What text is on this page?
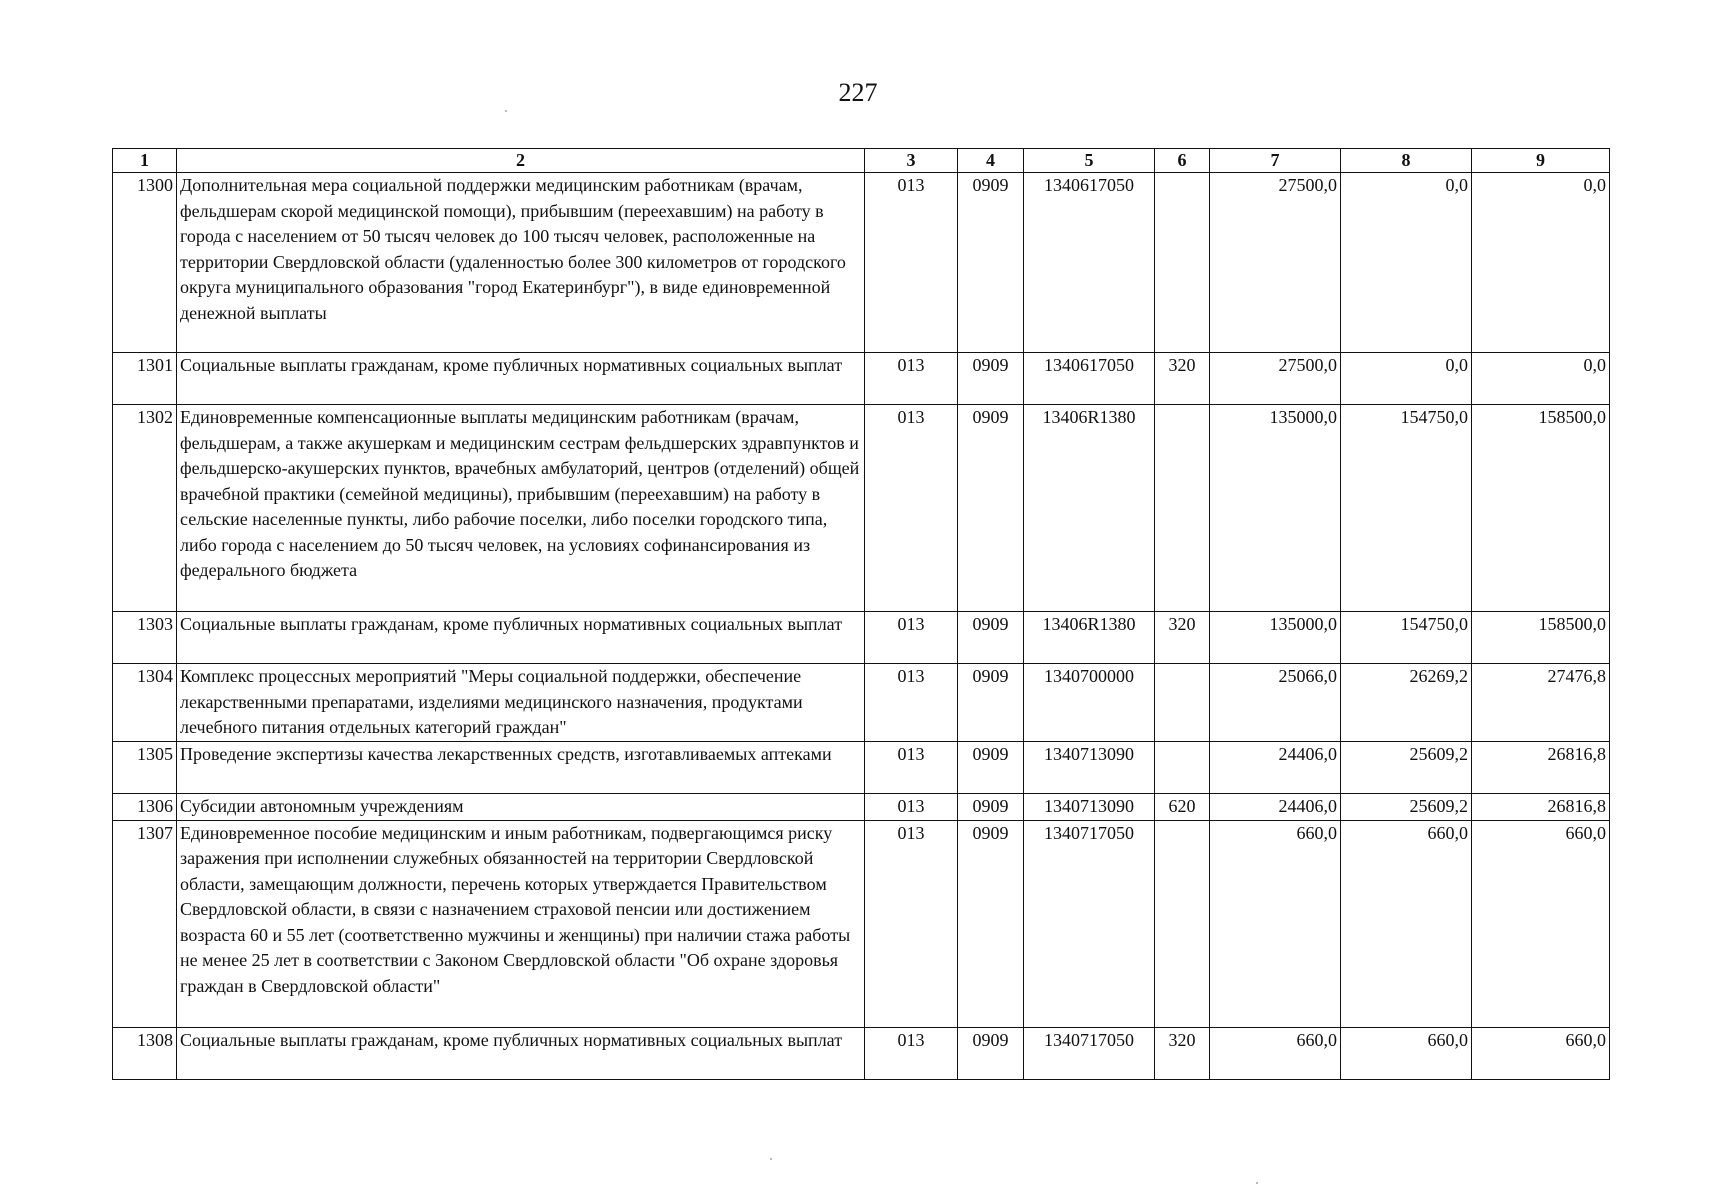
227
1	2	3	4	5	6	7	8	9
1300	Дополнительная мера социальной поддержки медицинским работникам (врачам, фельдшерам скорой медицинской помощи), прибывшим (переехавшим) на работу в города с населением от 50 тысяч человек до 100 тысяч человек, расположенные на территории Свердловской области (удаленностью более 300 километров от городского округа муниципального образования "город Екатеринбург"), в виде единовременной денежной выплаты	013	0909	1340617050		27500,0	0,0	0,0
1301	Социальные выплаты гражданам, кроме публичных нормативных социальных выплат	013	0909	1340617050	320	27500,0	0,0	0,0
1302	Единовременные компенсационные выплаты медицинским работникам (врачам, фельдшерам, а также акушеркам и медицинским сестрам фельдшерских здравпунктов и фельдшерско-акушерских пунктов, врачебных амбулаторий, центров (отделений) общей врачебной практики (семейной медицины), прибывшим (переехавшим) на работу в сельские населенные пункты, либо рабочие поселки, либо поселки городского типа, либо города с населением до 50 тысяч человек, на условиях софинансирования из федерального бюджета	013	0909	13406R1380		135000,0	154750,0	158500,0
1303	Социальные выплаты гражданам, кроме публичных нормативных социальных выплат	013	0909	13406R1380	320	135000,0	154750,0	158500,0
1304	Комплекс процессных мероприятий "Меры социальной поддержки, обеспечение лекарственными препаратами, изделиями медицинского назначения, продуктами лечебного питания отдельных категорий граждан"	013	0909	1340700000		25066,0	26269,2	27476,8
1305	Проведение экспертизы качества лекарственных средств, изготавливаемых аптеками	013	0909	1340713090		24406,0	25609,2	26816,8
1306	Субсидии автономным учреждениям	013	0909	1340713090	620	24406,0	25609,2	26816,8
1307	Единовременное пособие медицинским и иным работникам, подвергающимся риску заражения при исполнении служебных обязанностей на территории Свердловской области, замещающим должности, перечень которых утверждается Правительством Свердловской области, в связи с назначением страховой пенсии или достижением возраста 60 и 55 лет (соответственно мужчины и женщины) при наличии стажа работы не менее 25 лет в соответствии с Законом Свердловской области "Об охране здоровья граждан в Свердловской области"	013	0909	1340717050		660,0	660,0	660,0
1308	Социальные выплаты гражданам, кроме публичных нормативных социальных выплат	013	0909	1340717050	320	660,0	660,0	660,0
